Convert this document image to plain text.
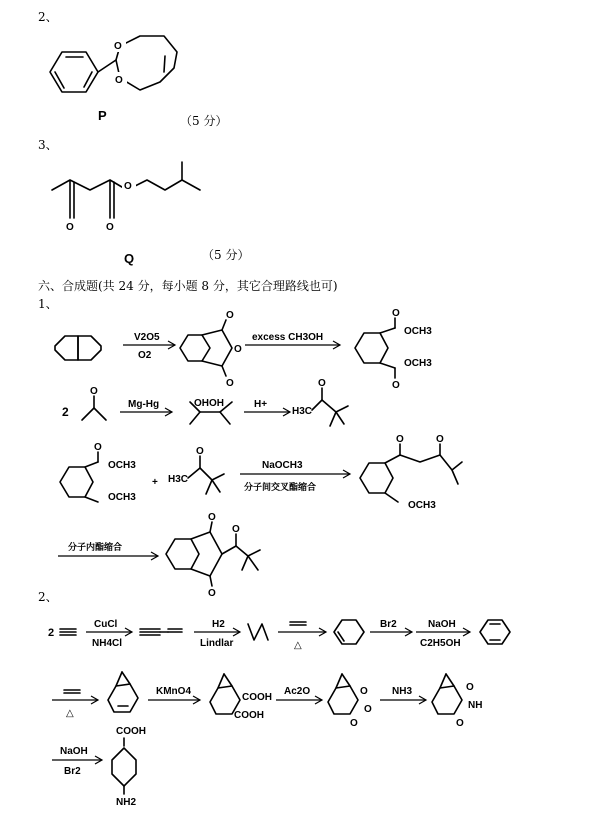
2、
（5 分）
3、
（5 分）
六、合成题(共 24 分，每小题 8 分，其它合理路线也可)
1、
2、
O
O
P
O
O	O
Q
V2O5
O2
O
O
O
excess CH3OH
O
O
OCH3
OCH3
2
O
Mg-Hg	OHOH	H+
H3C
O
O
OCH3
OCH3
+ H3C
O
NaOCH3
分子间交叉酯缩合
O	O
OCH3
分子内酯缩合
O
O
O
2
CuCl
NH4Cl
H2
Lindlar	△
Br2	NaOH
C2H5OH
△
KMnO4
COOH
COOH
Ac2O	O
O
O
NH3	O
NH
O
NaOH
Br2
COOH
NH2
